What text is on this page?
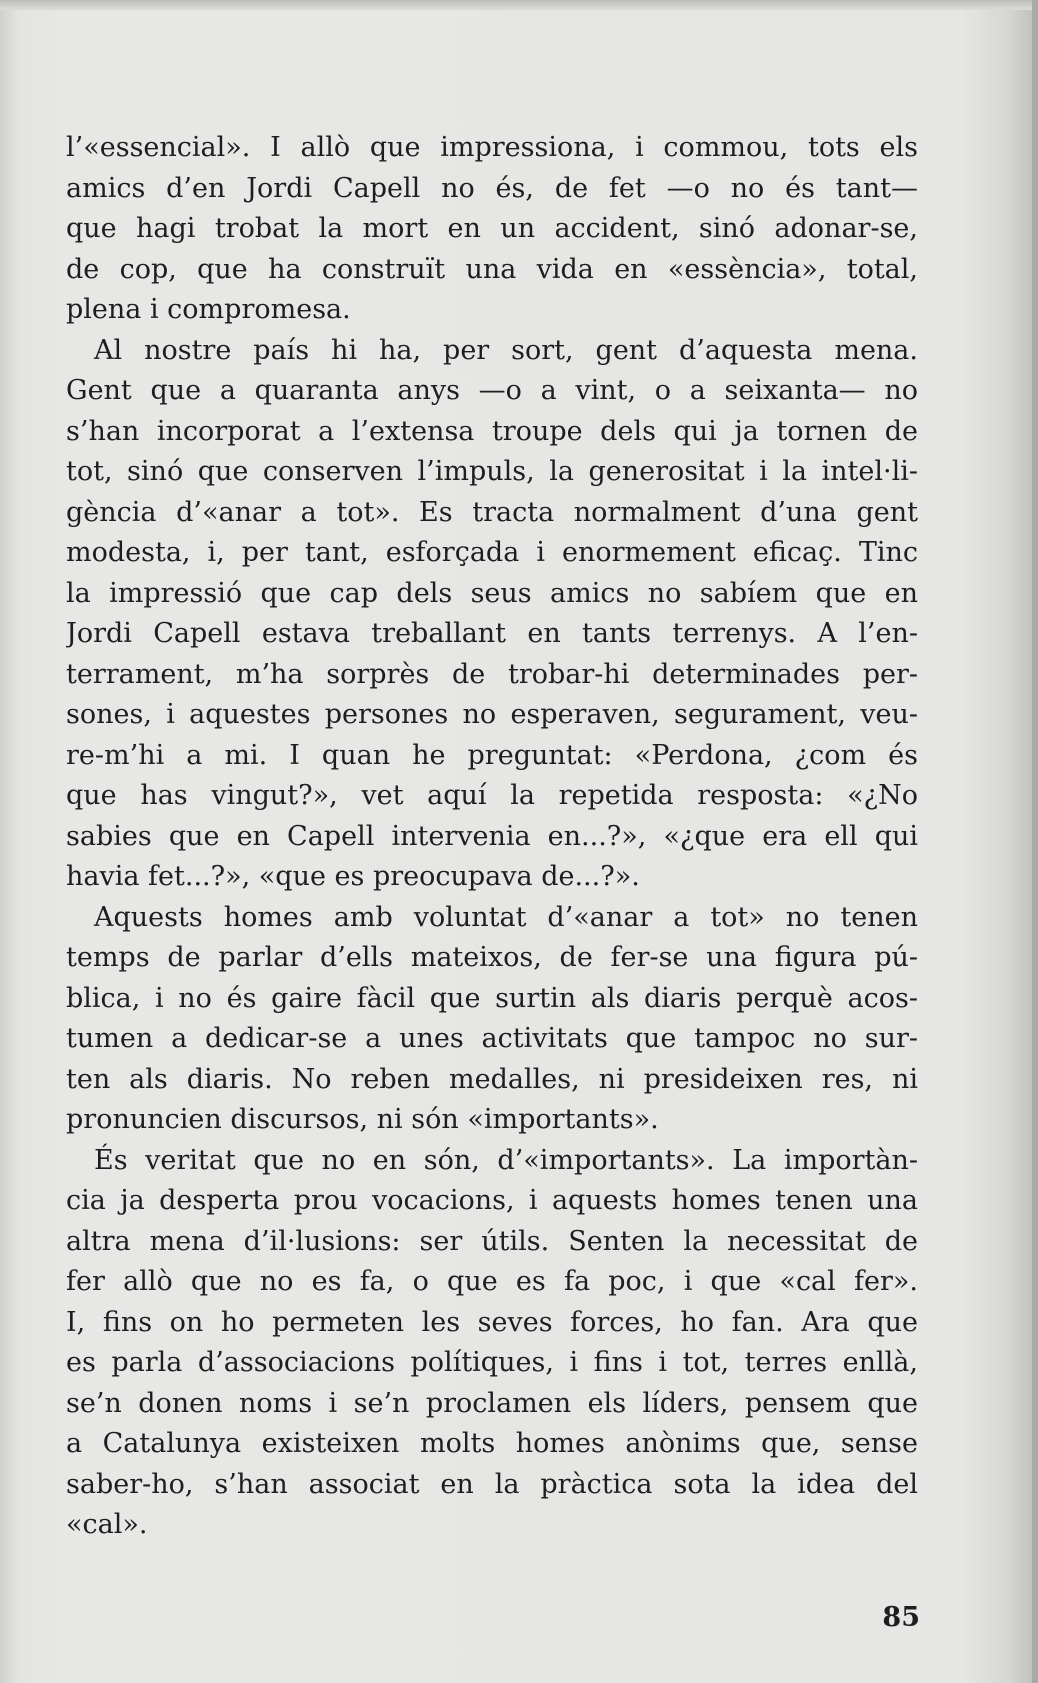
l’«essencial». I allò que impressiona, i commou, tots els
amics d’en Jordi Capell no és, de fet —o no és tant—
que hagi trobat la mort en un accident, sinó adonar-se,
de cop, que ha construït una vida en «essència», total,
plena i compromesa.
Al nostre país hi ha, per sort, gent d’aquesta mena.
Gent que a quaranta anys —o a vint, o a seixanta— no
s’han incorporat a l’extensa troupe dels qui ja tornen de
tot, sinó que conserven l’impuls, la generositat i la intel·li-
gència d’«anar a tot». Es tracta normalment d’una gent
modesta, i, per tant, esforçada i enormement eficaç. Tinc
la impressió que cap dels seus amics no sabíem que en
Jordi Capell estava treballant en tants terrenys. A l’en-
terrament, m’ha sorprès de trobar-hi determinades per-
sones, i aquestes persones no esperaven, segurament, veu-
re-m’hi a mi. I quan he preguntat: «Perdona, ¿com és
que has vingut?», vet aquí la repetida resposta: «¿No
sabies que en Capell intervenia en...?», «¿que era ell qui
havia fet...?», «que es preocupava de...?».
Aquests homes amb voluntat d’«anar a tot» no tenen
temps de parlar d’ells mateixos, de fer-se una figura pú-
blica, i no és gaire fàcil que surtin als diaris perquè acos-
tumen a dedicar-se a unes activitats que tampoc no sur-
ten als diaris. No reben medalles, ni presideixen res, ni
pronuncien discursos, ni són «importants».
És veritat que no en són, d’«importants». La importàn-
cia ja desperta prou vocacions, i aquests homes tenen una
altra mena d’il·lusions: ser útils. Senten la necessitat de
fer allò que no es fa, o que es fa poc, i que «cal fer».
I, fins on ho permeten les seves forces, ho fan. Ara que
es parla d’associacions polítiques, i fins i tot, terres enllà,
se’n donen noms i se’n proclamen els líders, pensem que
a Catalunya existeixen molts homes anònims que, sense
saber-ho, s’han associat en la pràctica sota la idea del
«cal».
85
